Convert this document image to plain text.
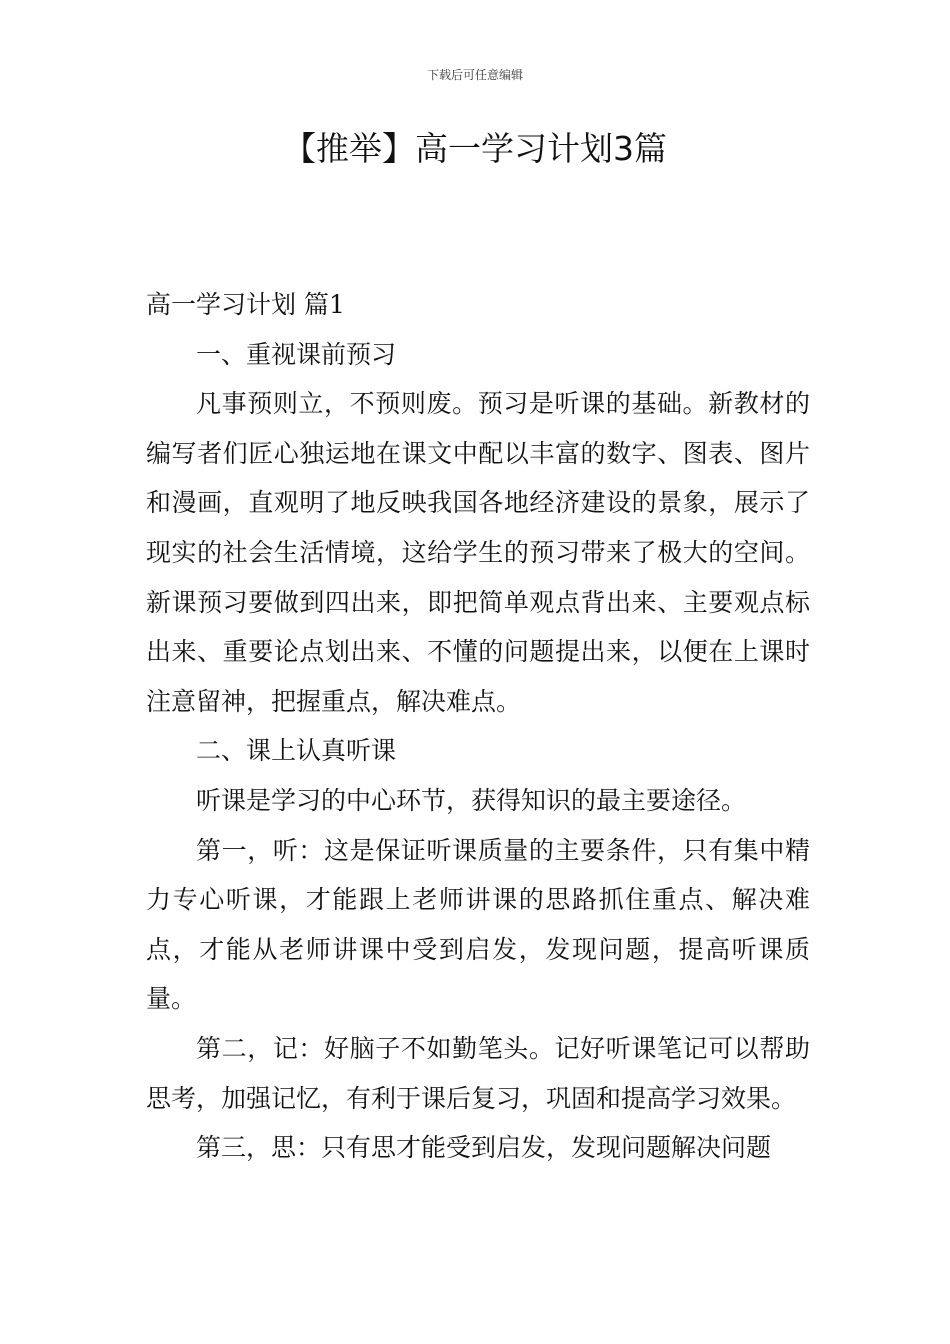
下载后可任意编辑
【推举】高一学习计划3篇

高一学习计划 篇1

一、重视课前预习

凡事预则立，不预则废。预习是听课的基础。新教材的编写者们匠心独运地在课文中配以丰富的数字、图表、图片和漫画，直观明了地反映我国各地经济建设的景象，展示了现实的社会生活情境，这给学生的预习带来了极大的空间。新课预习要做到四出来，即把简单观点背出来、主要观点标出来、重要论点划出来、不懂的问题提出来，以便在上课时注意留神，把握重点，解决难点。

二、课上认真听课

听课是学习的中心环节，获得知识的最主要途径。

第一，听：这是保证听课质量的主要条件，只有集中精力专心听课，才能跟上老师讲课的思路抓住重点、解决难点，才能从老师讲课中受到启发，发现问题，提高听课质量。

第二，记：好脑子不如勤笔头。记好听课笔记可以帮助思考，加强记忆，有利于课后复习，巩固和提高学习效果。

第三，思：只有思才能受到启发，发现问题解决问题
